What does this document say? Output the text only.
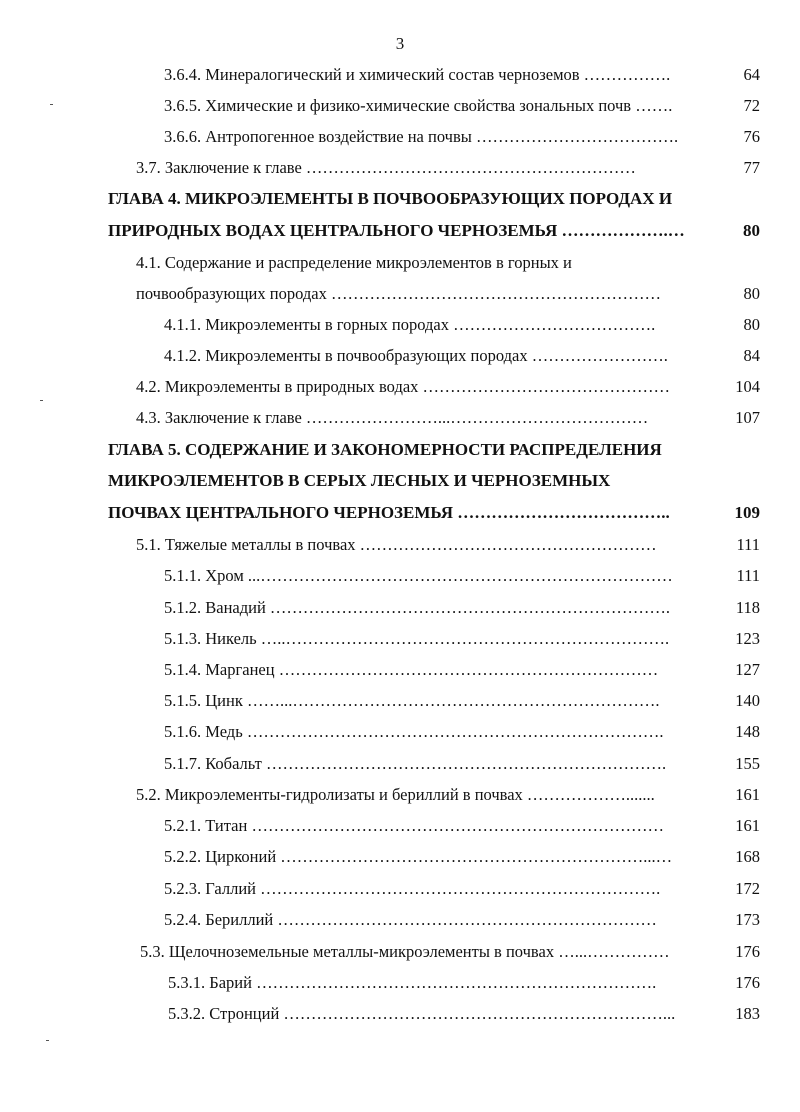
3
3.6.4. Минералогический и химический состав черноземов …………….	64
3.6.5. Химические и физико-химические свойства зональных почв …….	72
3.6.6. Антропогенное воздействие на почвы ……………………………….	76
3.7. Заключение к главе ……………………………………………………	77
ГЛАВА 4. МИКРОЭЛЕМЕНТЫ В ПОЧВООБРАЗУЮЩИХ ПОРОДАХ И
ПРИРОДНЫХ ВОДАХ ЦЕНТРАЛЬНОГО ЧЕРНОЗЕМЬЯ ……………….…	80
4.1. Содержание и распределение микроэлементов в горных и
почвообразующих породах ……………………………………………………	80
4.1.1. Микроэлементы в горных породах ……………………………….	80
4.1.2. Микроэлементы в почвообразующих породах …………………….	84
4.2. Микроэлементы в природных водах ………………………………………	104
4.3. Заключение к главе ……………………...………………………………	107
ГЛАВА 5. СОДЕРЖАНИЕ И ЗАКОНОМЕРНОСТИ РАСПРЕДЕЛЕНИЯ
МИКРОЭЛЕМЕНТОВ В СЕРЫХ ЛЕСНЫХ И ЧЕРНОЗЕМНЫХ
ПОЧВАХ ЦЕНТРАЛЬНОГО ЧЕРНОЗЕМЬЯ ………………………………..	109
5.1. Тяжелые металлы в почвах ………………………………………………	111
5.1.1. Хром ...…………………………………………………………………	111
5.1.2. Ванадий ……………………………………………………………….	118
5.1.3. Никель …..…………………………………………………………….	123
5.1.4. Марганец ……………………………………………………………	127
5.1.5. Цинк ……...………………………………………………………….	140
5.1.6. Медь ………………………………………………………………….	148
5.1.7. Кобальт ……………………………………………………………….	155
5.2. Микроэлементы-гидролизаты и бериллий в почвах ……………….......	161
5.2.1. Титан …………………………………………………………………	161
5.2.2. Цирконий …………………………………………………………...…	168
5.2.3. Галлий ……………………………………………………………….	172
5.2.4. Бериллий ……………………………………………………………	173
5.3. Щелочноземельные металлы-микроэлементы в почвах …...……………	176
5.3.1. Барий ……………………………………………………………….	176
5.3.2. Стронций ……………………………………………………………...	183
